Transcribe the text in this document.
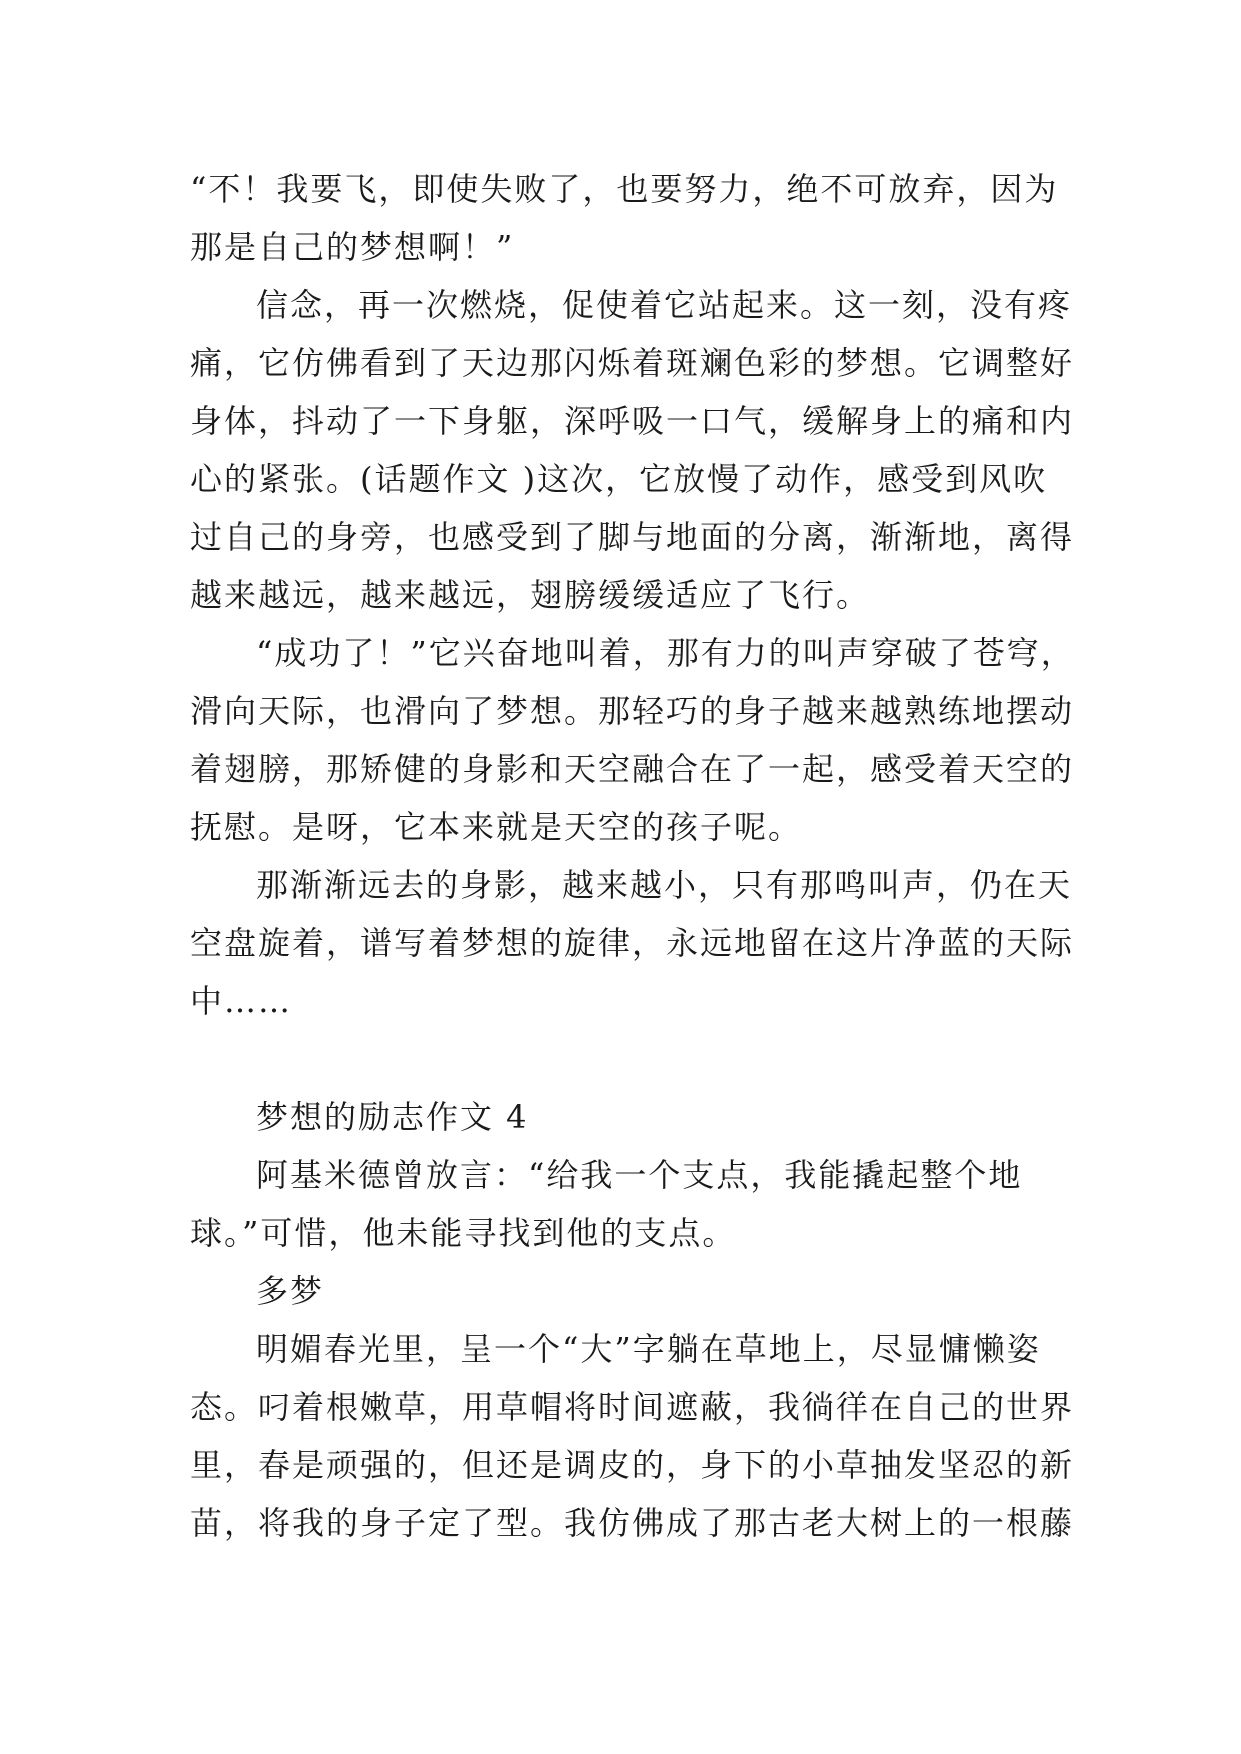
“不！我要飞，即使失败了，也要努力，绝不可放弃，因为
那是自己的梦想啊！”
信念，再一次燃烧，促使着它站起来。这一刻，没有疼
痛，它仿佛看到了天边那闪烁着斑斓色彩的梦想。它调整好
身体，抖动了一下身躯，深呼吸一口气，缓解身上的痛和内
心的紧张。(话题作文 )这次，它放慢了动作，感受到风吹
过自己的身旁，也感受到了脚与地面的分离，渐渐地，离得
越来越远，越来越远，翅膀缓缓适应了飞行。
“成功了！”它兴奋地叫着，那有力的叫声穿破了苍穹，
滑向天际，也滑向了梦想。那轻巧的身子越来越熟练地摆动
着翅膀，那矫健的身影和天空融合在了一起，感受着天空的
抚慰。是呀，它本来就是天空的孩子呢。
那渐渐远去的身影，越来越小，只有那鸣叫声，仍在天
空盘旋着，谱写着梦想的旋律，永远地留在这片净蓝的天际
中……
梦想的励志作文 4
阿基米德曾放言：“给我一个支点，我能撬起整个地
球。”可惜，他未能寻找到他的支点。
多梦
明媚春光里，呈一个“大”字躺在草地上，尽显慵懒姿
态。叼着根嫩草，用草帽将时间遮蔽，我徜徉在自己的世界
里，春是顽强的，但还是调皮的，身下的小草抽发坚忍的新
苗，将我的身子定了型。我仿佛成了那古老大树上的一根藤
